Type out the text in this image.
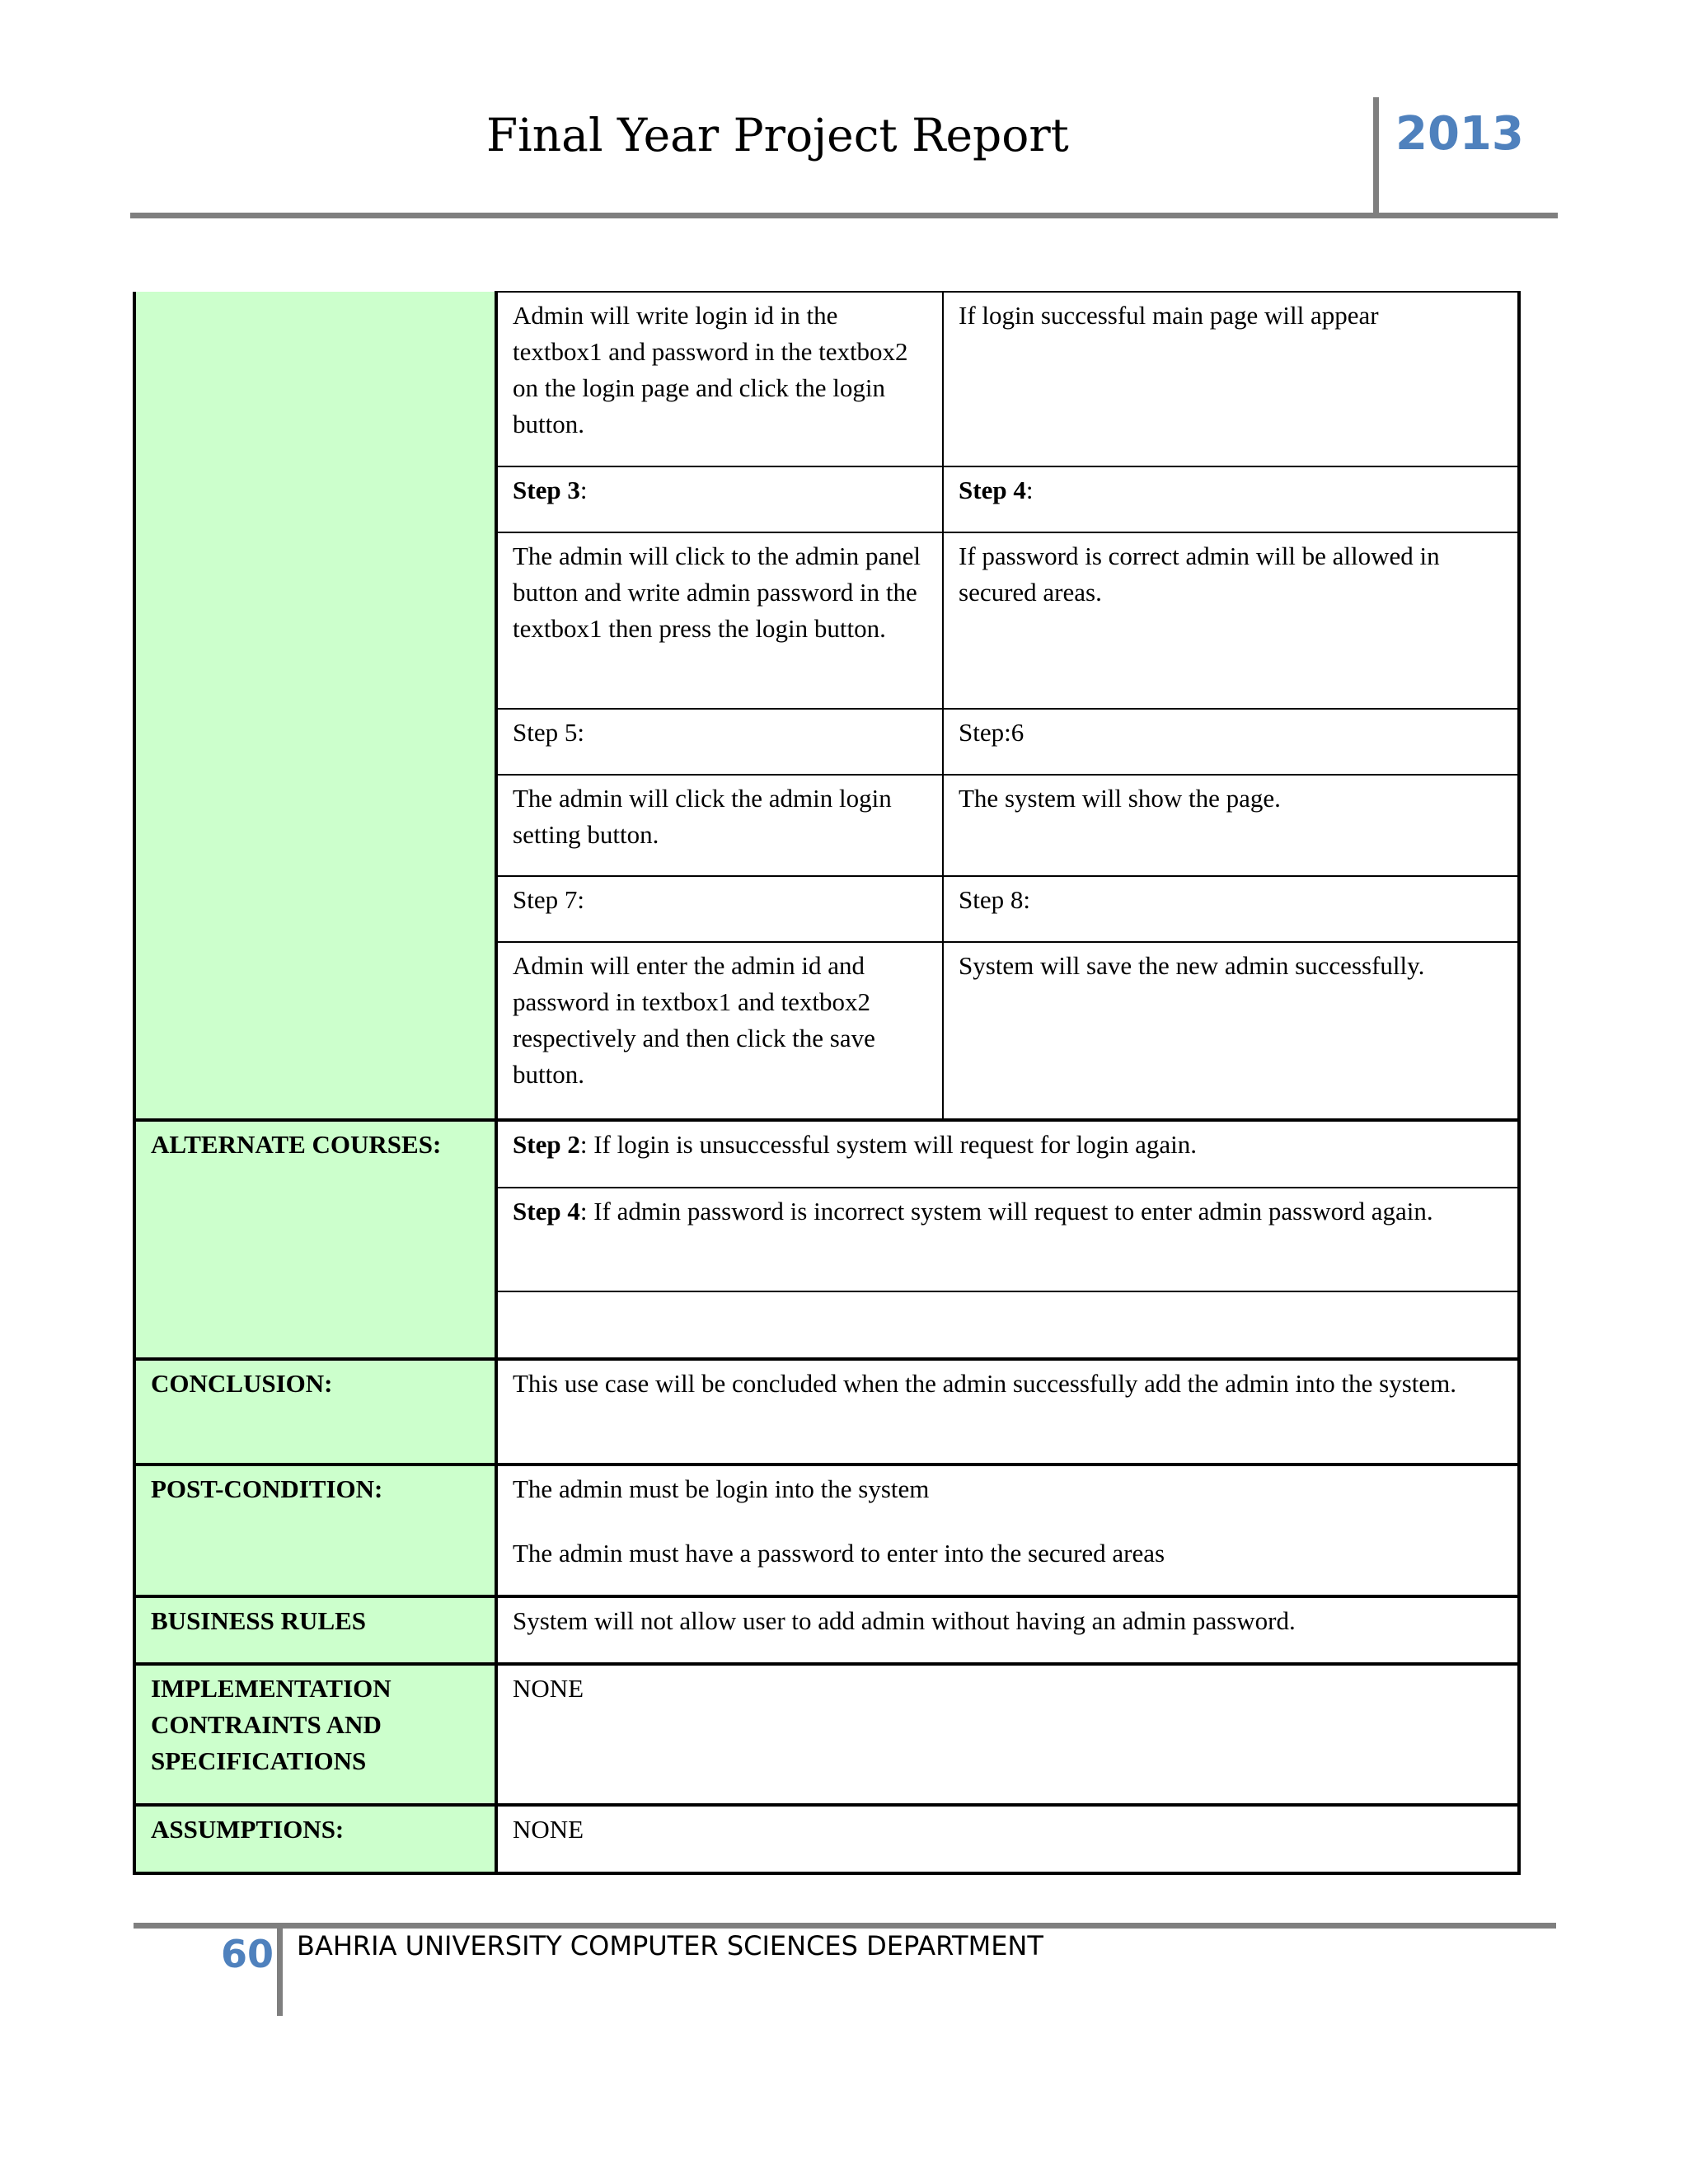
Final Year Project Report	2013
	Admin will write login id in the textbox1 and password in the textbox2 on the login page and click the login button.	If login successful main page will appear
	Step 3:	Step 4:
	The admin will click to the admin panel button and write admin password in the textbox1 then press the login button.	If password is correct admin will be allowed in secured areas.
	Step 5:	Step:6
	The admin will click the admin login setting button.	The system will show the page.
	Step 7:	Step 8:
	Admin will enter the admin id and password in textbox1 and textbox2 respectively and then click the save button.	System will save the new admin successfully.
ALTERNATE COURSES:	Step 2: If login is unsuccessful system will request for login again.	
	Step 4: If admin password is incorrect system will request to enter admin password again.	

CONCLUSION:	This use case will be concluded when the admin successfully add the admin into the system.	
POST-CONDITION:	The admin must be login into the system
The admin must have a password to enter into the secured areas	

BUSINESS RULES	System will not allow user to add admin without having an admin password.	
IMPLEMENTATION CONTRAINTS AND SPECIFICATIONS	NONE	
ASSUMPTIONS:	NONE	
60 BAHRIA UNIVERSITY COMPUTER SCIENCES DEPARTMENT
